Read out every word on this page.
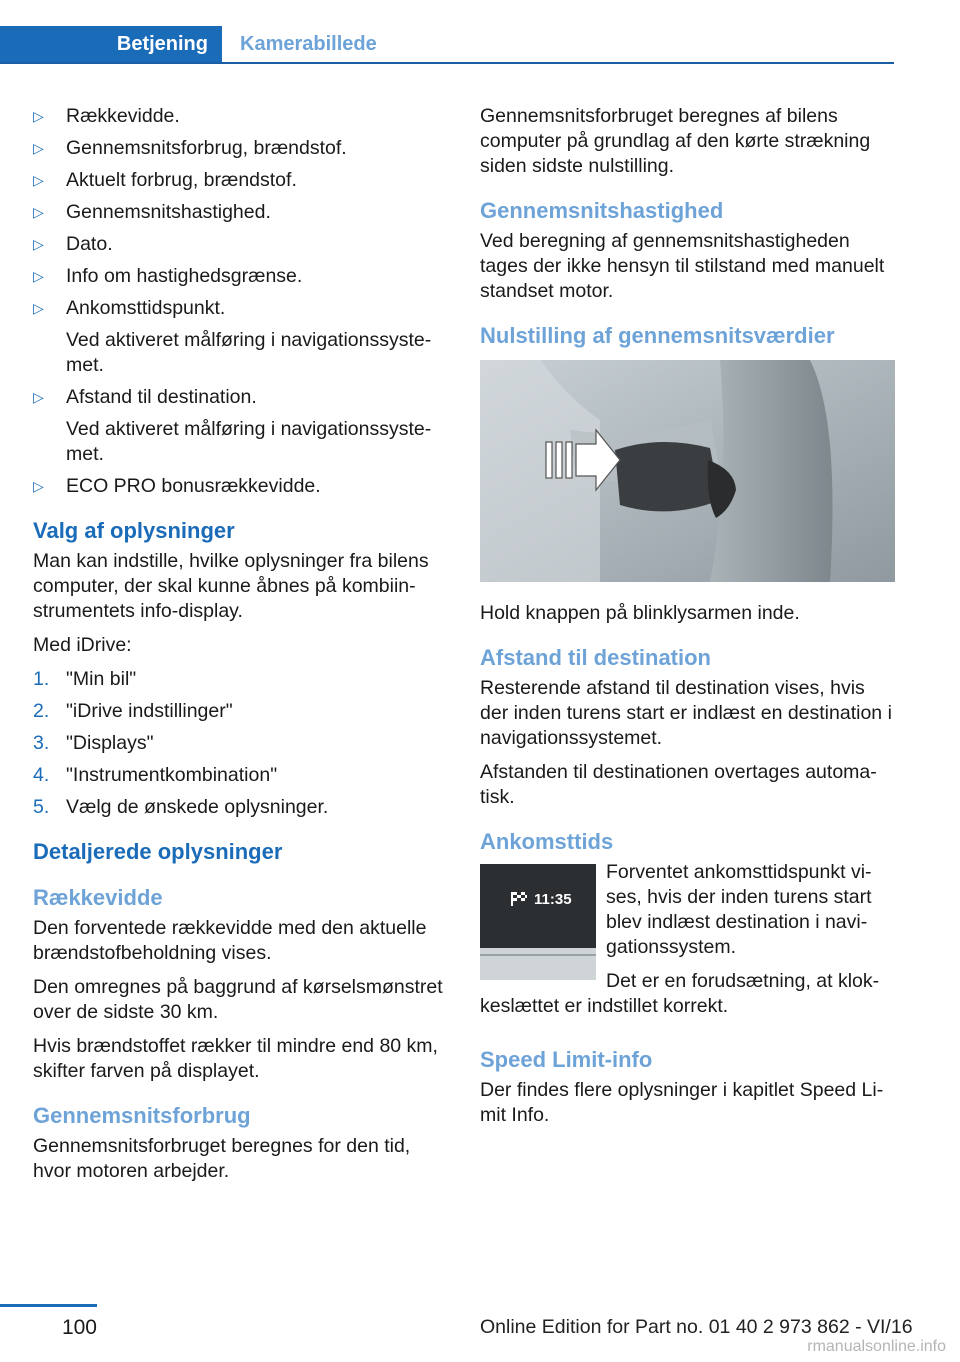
Betjening	Kamerabillede
▷ Rækkevidde.
▷ Gennemsnitsforbrug, brændstof.
▷ Aktuelt forbrug, brændstof.
▷ Gennemsnitshastighed.
▷ Dato.
▷ Info om hastighedsgrænse.
▷ Ankomsttidspunkt.
Ved aktiveret målføring i navigationssystemet.
▷ Afstand til destination.
Ved aktiveret målføring i navigationssystemet.
▷ ECO PRO bonusrækkevidde.
Valg af oplysninger

Man kan indstille, hvilke oplysninger fra bilens computer, der skal kunne åbnes på kombiinstrumentets info-display.

Med iDrive:

1. "Min bil"
2. "iDrive indstillinger"
3. "Displays"
4. "Instrumentkombination"
5. Vælg de ønskede oplysninger.
Detaljerede oplysninger
Rækkevidde

Den forventede rækkevidde med den aktuelle brændstofbeholdning vises.

Den omregnes på baggrund af kørselsmønstret over de sidste 30 km.

Hvis brændstoffet rækker til mindre end 80 km, skifter farven på displayet.

Gennemsnitsforbrug

Gennemsnitsforbruget beregnes for den tid, hvor motoren arbejder.

Gennemsnitsforbruget beregnes af bilens computer på grundlag af den kørte strækning siden sidste nulstilling.

Gennemsnitshastighed

Ved beregning af gennemsnitshastigheden tages der ikke hensyn til stilstand med manuelt standset motor.

Nulstilling af gennemsnitsværdier

Hold knappen på blinklysarmen inde.

Afstand til destination

Resterende afstand til destination vises, hvis der inden turens start er indlæst en destination i navigationssystemet.

Afstanden til destinationen overtages automatisk.

Ankomsttids
11:35

Forventet ankomsttidspunkt vises, hvis der inden turens start blev indlæst destination i navigationssystem.

Det er en forudsætning, at klokkeslættet er indstillet korrekt.

Speed Limit-info

Der findes flere oplysninger i kapitlet Speed Limit Info.

100	Online Edition for Part no. 01 40 2 973 862 - VI/16
rmanualsonline.info
